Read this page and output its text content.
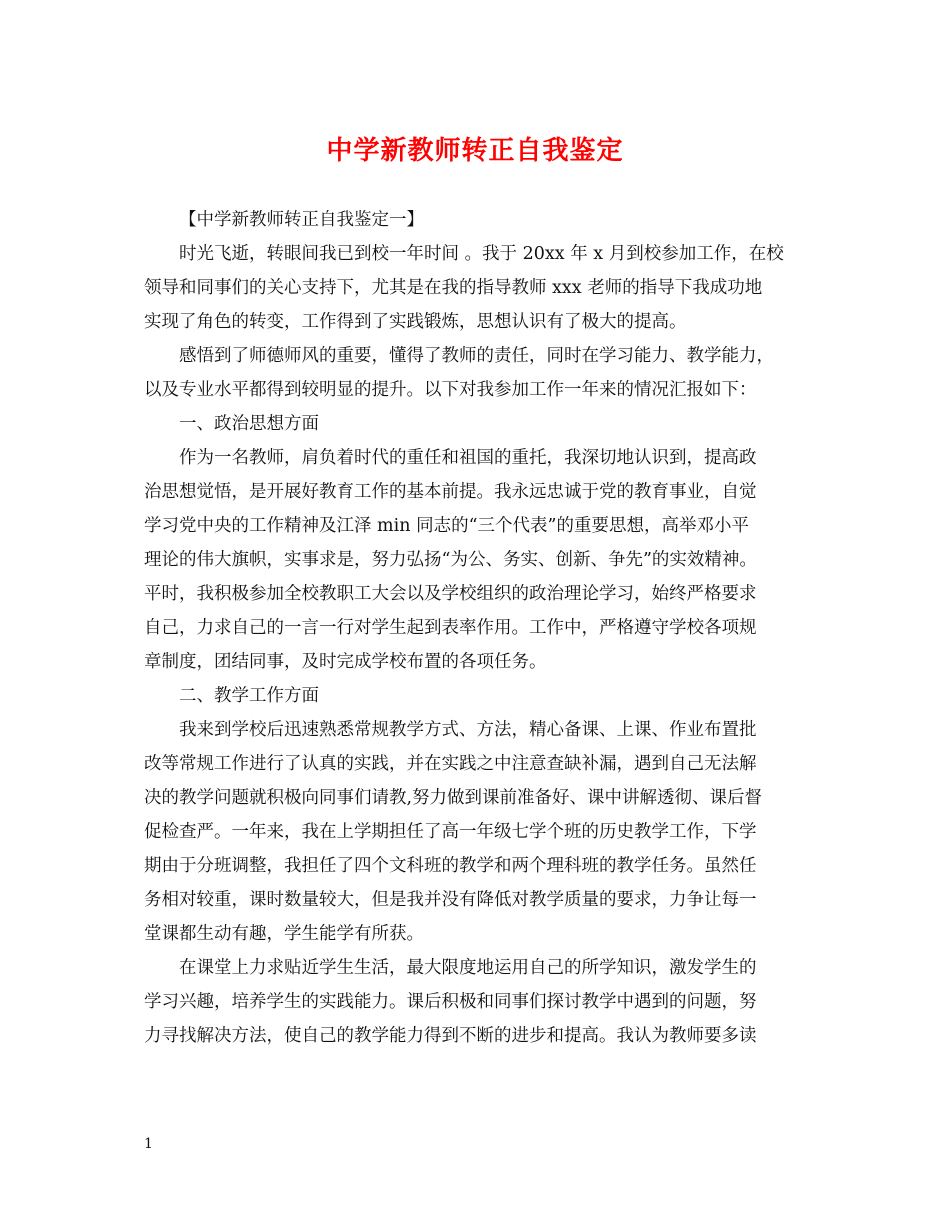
中学新教师转正自我鉴定
【中学新教师转正自我鉴定一】
时光飞逝，转眼间我已到校一年时间 。我于 20xx 年 x 月到校参加工作，在校
领导和同事们的关心支持下，尤其是在我的指导教师 xxx 老师的指导下我成功地
实现了角色的转变，工作得到了实践锻炼，思想认识有了极大的提高。
感悟到了师德师风的重要，懂得了教师的责任，同时在学习能力、教学能力，
以及专业水平都得到较明显的提升。以下对我参加工作一年来的情况汇报如下：
一、政治思想方面
作为一名教师，肩负着时代的重任和祖国的重托，我深切地认识到，提高政
治思想觉悟，是开展好教育工作的基本前提。我永远忠诚于党的教育事业，自觉
学习党中央的工作精神及江泽 min 同志的“三个代表”的重要思想，高举邓小平
理论的伟大旗帜，实事求是，努力弘扬“为公、务实、创新、争先”的实效精神。
平时，我积极参加全校教职工大会以及学校组织的政治理论学习，始终严格要求
自己，力求自己的一言一行对学生起到表率作用。工作中，严格遵守学校各项规
章制度，团结同事，及时完成学校布置的各项任务。
二、教学工作方面
我来到学校后迅速熟悉常规教学方式、方法，精心备课、上课、作业布置批
改等常规工作进行了认真的实践，并在实践之中注意查缺补漏，遇到自己无法解
决的教学问题就积极向同事们请教,努力做到课前准备好、课中讲解透彻、课后督
促检查严。一年来，我在上学期担任了高一年级七学个班的历史教学工作，下学
期由于分班调整，我担任了四个文科班的教学和两个理科班的教学任务。虽然任
务相对较重，课时数量较大，但是我并没有降低对教学质量的要求，力争让每一
堂课都生动有趣，学生能学有所获。
在课堂上力求贴近学生生活，最大限度地运用自己的所学知识，激发学生的
学习兴趣，培养学生的实践能力。课后积极和同事们探讨教学中遇到的问题，努
力寻找解决方法，使自己的教学能力得到不断的进步和提高。我认为教师要多读
1
